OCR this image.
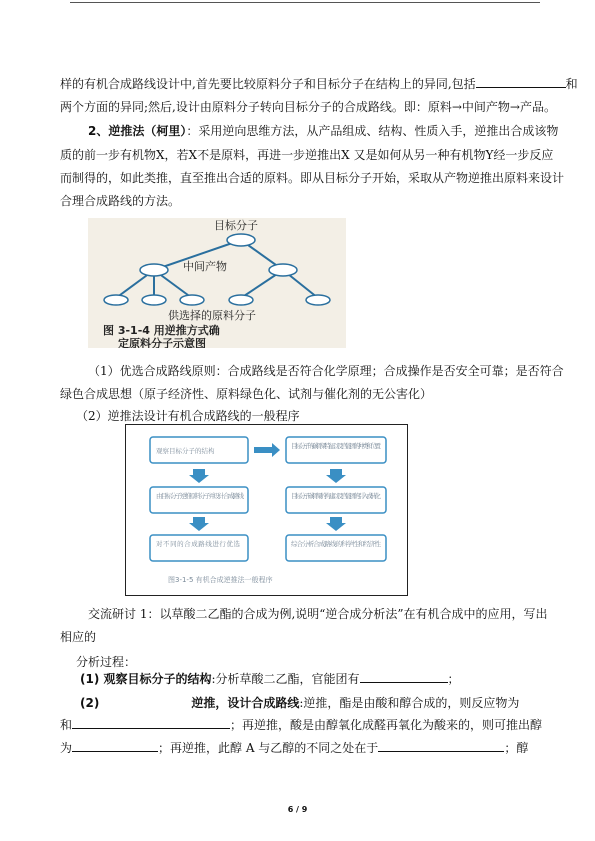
样的有机合成路线设计中,首先要比较原料分子和目标分子在结构上的异同,包括	和
两个方面的异同;然后,设计由原料分子转向目标分子的合成路线。即：原料→中间产物→产品。
2、逆推法（柯里）：采用逆向思维方法，从产品组成、结构、性质入手，逆推出合成该物
质的前一步有机物X，若X不是原料，再进一步逆推出X 又是如何从另一种有机物Y经一步反应
而制得的，如此类推，直至推出合适的原料。即从目标分子开始，采取从产物逆推出原料来设计
合理合成路线的方法。
目标分子
中间产物
供选择的原料分子
图 3-1-4 用逆推方式确
定原料分子示意图
（1）优选合成路线原则：合成路线是否符合化学原理；合成操作是否安全可靠；是否符合
绿色合成思想（原子经济性、原料绿色化、试剂与催化剂的无公害化）
（2）逆推法设计有机合成路线的一般程序
观察目标分子的结构
由目标分子逆推原料分子并设计合成路线
对不同的合成路线进行优选
目标分子的碳骨架特征以及官能团的种类和位置
目标分子碳骨架的构建以及官能团的引入或转化
综合分析合成路线的科学性和经济性
图3-1-5 有机合成逆推法一般程序
交流研讨 1：以草酸二乙酯的合成为例,说明“逆合成分析法”在有机合成中的应用，写出
相应的
分析过程：
(1) 观察目标分子的结构:分析草酸二乙酯，官能团有	；
(2)	逆推，设计合成路线:逆推，酯是由酸和醇合成的，则反应物为
和	；再逆推，酸是由醇氧化成醛再氧化为酸来的，则可推出醇
为	；再逆推，此醇 A 与乙醇的不同之处在于	；醇
6 / 9
